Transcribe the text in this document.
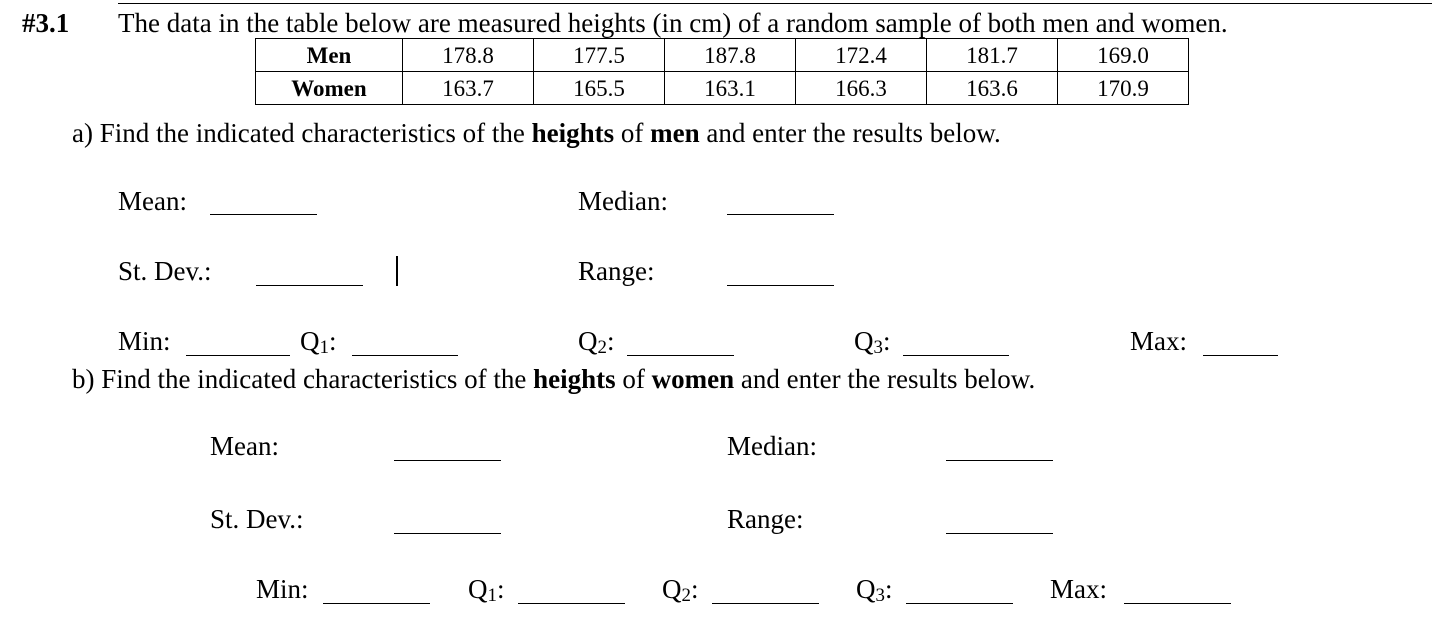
#3.1 The data in the table below are measured heights (in cm) of a random sample of both men and women.
Men	178.8	177.5	187.8	172.4	181.7	169.0
Women	163.7	165.5	163.1	166.3	163.6	170.9
a) Find the indicated characteristics of the heights of men and enter the results below.
Mean:	Median:
St. Dev.:	Range:
Min:	$Q_1$:	$Q_2$:	$Q_3$:	Max:
b) Find the indicated characteristics of the heights of women and enter the results below.
Mean:	Median:
St. Dev.:	Range:
Min:	$Q_1$:	$Q_2$:	$Q_3$:	Max:
